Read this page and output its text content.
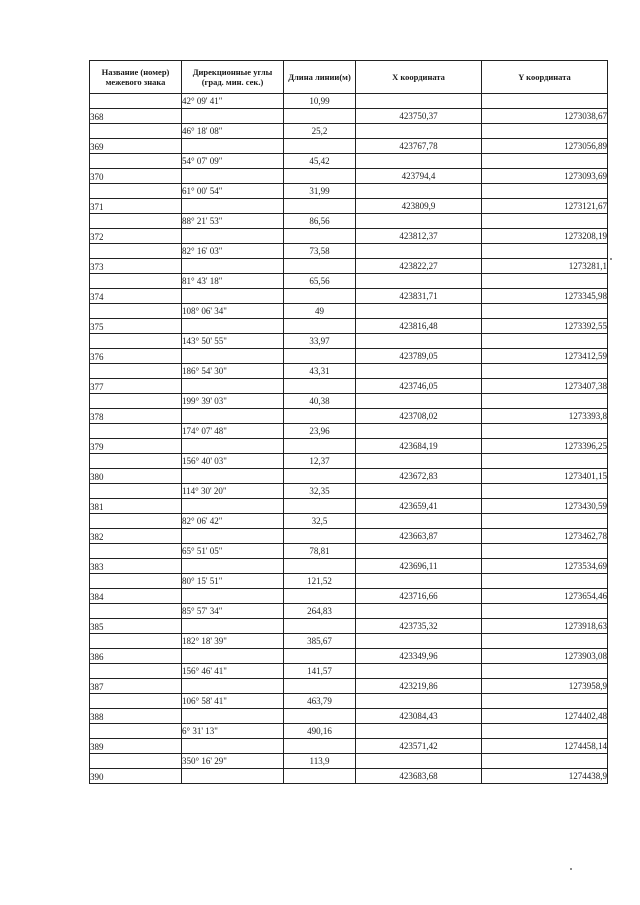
Название (номер) межевого знака	Дирекционные углы (град. мин. сек.)	Длина линии(м)	Х координата	Y координата
	42° 09' 41"	10,99		
368			423750,37	1273038,67
	46° 18' 08"	25,2		
369			423767,78	1273056,89
	54° 07' 09"	45,42		
370			423794,4	1273093,69
	61° 00' 54"	31,99		
371			423809,9	1273121,67
	88° 21' 53"	86,56		
372			423812,37	1273208,19
	82° 16' 03"	73,58		
373			423822,27	1273281,1
	81° 43' 18"	65,56		
374			423831,71	1273345,98
	108° 06' 34"	49		
375			423816,48	1273392,55
	143° 50' 55"	33,97		
376			423789,05	1273412,59
	186° 54' 30"	43,31		
377			423746,05	1273407,38
	199° 39' 03"	40,38		
378			423708,02	1273393,8
	174° 07' 48"	23,96		
379			423684,19	1273396,25
	156° 40' 03"	12,37		
380			423672,83	1273401,15
	114° 30' 20"	32,35		
381			423659,41	1273430,59
	82° 06' 42"	32,5		
382			423663,87	1273462,78
	65° 51' 05"	78,81		
383			423696,11	1273534,69
	80° 15' 51"	121,52		
384			423716,66	1273654,46
	85° 57' 34"	264,83		
385			423735,32	1273918,63
	182° 18' 39"	385,67		
386			423349,96	1273903,08
	156° 46' 41"	141,57		
387			423219,86	1273958,9
	106° 58' 41"	463,79		
388			423084,43	1274402,48
	6° 31' 13"	490,16		
389			423571,42	1274458,14
	350° 16' 29"	113,9		
390			423683,68	1274438,9
